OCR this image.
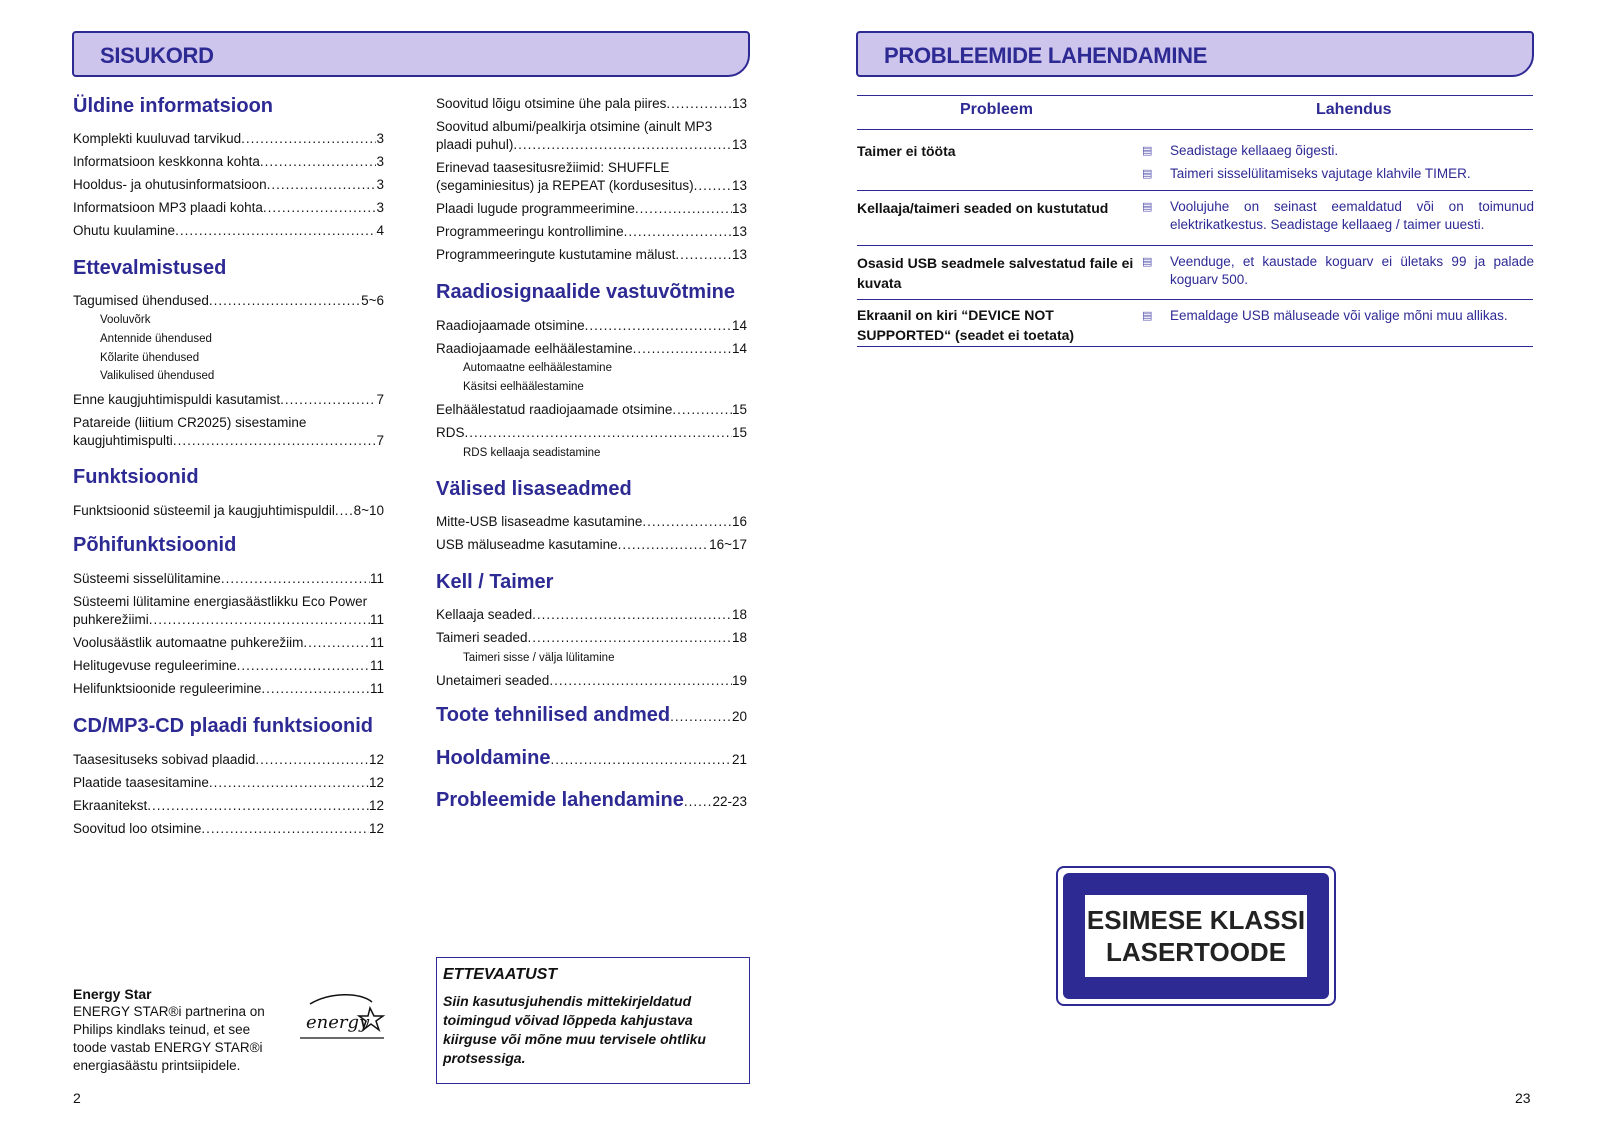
SISUKORD	PROBLEEMIDE LAHENDAMINE
Üldine informatsioon
Komplekti kuuluvad tarvikud .....	3
Informatsioon keskkonna kohta .....	3
Hooldus- ja ohutusinformatsioon .....	3
Informatsioon MP3 plaadi kohta .....	3
Ohutu kuulamine .....	4
Ettevalmistused
Tagumised ühendused .....	5~6
Vooluvõrk
Antennide ühendused
Kõlarite ühendused
Valikulised ühendused
Enne kaugjuhtimispuldi kasutamist .....	7
Patareide (liitium CR2025) sisestamine
kaugjuhtimispulti .....	7
Funktsioonid
Funktsioonid süsteemil ja kaugjuhtimispuldil ..... 8~10
Põhifunktsioonid
Süsteemi sisselülitamine .....	11
Süsteemi lülitamine energiasäästlikku Eco Power
puhkerežiimi .....	11
Voolusäästlik automaatne puhkerežiim .....	11
Helitugevuse reguleerimine .....	11
Helifunktsioonide reguleerimine .....	11
CD/MP3-CD plaadi funktsioonid
Taasesituseks sobivad plaadid .....	12
Plaatide taasesitamine .....	12
Ekraanitekst .....	12
Soovitud loo otsimine .....	12
Soovitud lõigu otsimine ühe pala piires .....	13
Soovitud albumi/pealkirja otsimine (ainult MP3
plaadi puhul) .....	13
Erinevad taasesitusrežiimid: SHUFFLE
(segaminiesitus) ja REPEAT (kordusesitus) .....	13
Plaadi lugude programmeerimine .....	13
Programmeeringu kontrollimine .....	13
Programmeeringute kustutamine mälust .....	13
Raadiosignaalide vastuvõtmine
Raadiojaamade otsimine .....	14
Raadiojaamade eelhäälestamine .....	14
Automaatne eelhäälestamine
Käsitsi eelhäälestamine
Eelhäälestatud raadiojaamade otsimine .....	15
RDS .....	15
RDS kellaaja seadistamine
Välised lisaseadmed
Mitte-USB lisaseadme kasutamine .....	16
USB mäluseadme kasutamine .....	16~17
Kell / Taimer
Kellaaja seaded .....	18
Taimeri seaded .....	18
Taimeri sisse / välja lülitamine
Unetaimeri seaded .....	19
Toote tehnilised andmed .....	20
Hooldamine .....	21
Probleemide lahendamine ..... 22-23
Energy Star
ENERGY STAR®i partnerina on Philips kindlaks teinud, et see toode vastab ENERGY STAR®i energiasäästu printsiipidele.
energy
ETTEVAATUST
Siin kasutusjuhendis mittekirjeldatud toimingud võivad lõppeda kahjustava kiirguse või mõne muu tervisele ohtliku protsessiga.
Probleem	Lahendus
Taimer ei tööta	▤	Seadistage kellaaeg õigesti.
▤	Taimeri sisselülitamiseks vajutage klahvile TIMER.
Kellaaja/taimeri seaded on kustutatud	▤	Voolujuhe on seinast eemaldatud või on toimunud elektrikatkestus. Seadistage kellaaeg / taimer uuesti.
Osasid USB seadmele salvestatud faile ei kuvata
▤	Veenduge, et kaustade koguarv ei ületaks 99 ja palade koguarv 500.
Ekraanil on kiri “DEVICE NOT SUPPORTED“ (seadet ei toetata)
▤	Eemaldage USB mäluseade või valige mõni muu allikas.
ESIMESE KLASSI
LASERTOODE
2	23
